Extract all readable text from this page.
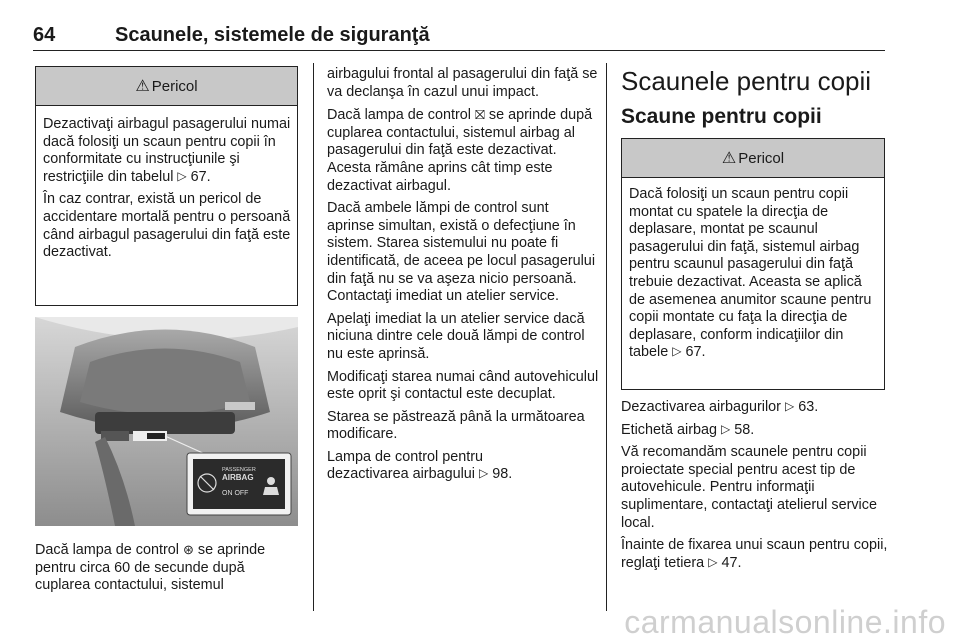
64	Scaunele, sistemele de siguranţă
⚠ Pericol

Dezactivaţi airbagul pasagerului numai dacă folosiţi un scaun pentru copii în conformitate cu instrucţiunile şi restricţiile din tabelul ▷ 67.

În caz contrar, există un pericol de accidentare mortală pentru o persoană când airbagul pasagerului din faţă este dezactivat.

PASSENGER
AIRBAG
ON OFF

Dacă lampa de control ⊛ se aprinde pentru circa 60 de secunde după cuplarea contactului, sistemul

airbagului frontal al pasagerului din faţă se va declanşa în cazul unui impact.

Dacă lampa de control ⛝ se aprinde după cuplarea contactului, sistemul airbag al pasagerului din faţă este dezactivat. Acesta rămâne aprins cât timp este dezactivat airbagul.

Dacă ambele lămpi de control sunt aprinse simultan, există o defecţiune în sistem. Starea sistemului nu poate fi identificată, de aceea pe locul pasagerului din faţă nu se va aşeza nicio persoană. Contactaţi imediat un atelier service.

Apelaţi imediat la un atelier service dacă niciuna dintre cele două lămpi de control nu este aprinsă.

Modificaţi starea numai când autovehiculul este oprit şi contactul este decuplat.

Starea se păstrează până la următoarea modificare.

Lampa de control pentru
dezactivarea airbagului ▷ 98.

Scaunele pentru copii
Scaune pentru copii
⚠ Pericol

Dacă folosiţi un scaun pentru copii montat cu spatele la direcţia de deplasare, montat pe scaunul pasagerului din faţă, sistemul airbag pentru scaunul pasagerului din faţă trebuie dezactivat. Aceasta se aplică de asemenea anumitor scaune pentru copii montate cu faţa la direcţia de deplasare, conform indicaţiilor din tabele ▷ 67.

Dezactivarea airbagurilor ▷ 63.

Etichetă airbag ▷ 58.

Vă recomandăm scaunele pentru copii proiectate special pentru acest tip de autovehicule. Pentru informaţii suplimentare, contactaţi atelierul service local.

Înainte de fixarea unui scaun pentru copii, reglaţi tetiera ▷ 47.

carmanualsonline.info
